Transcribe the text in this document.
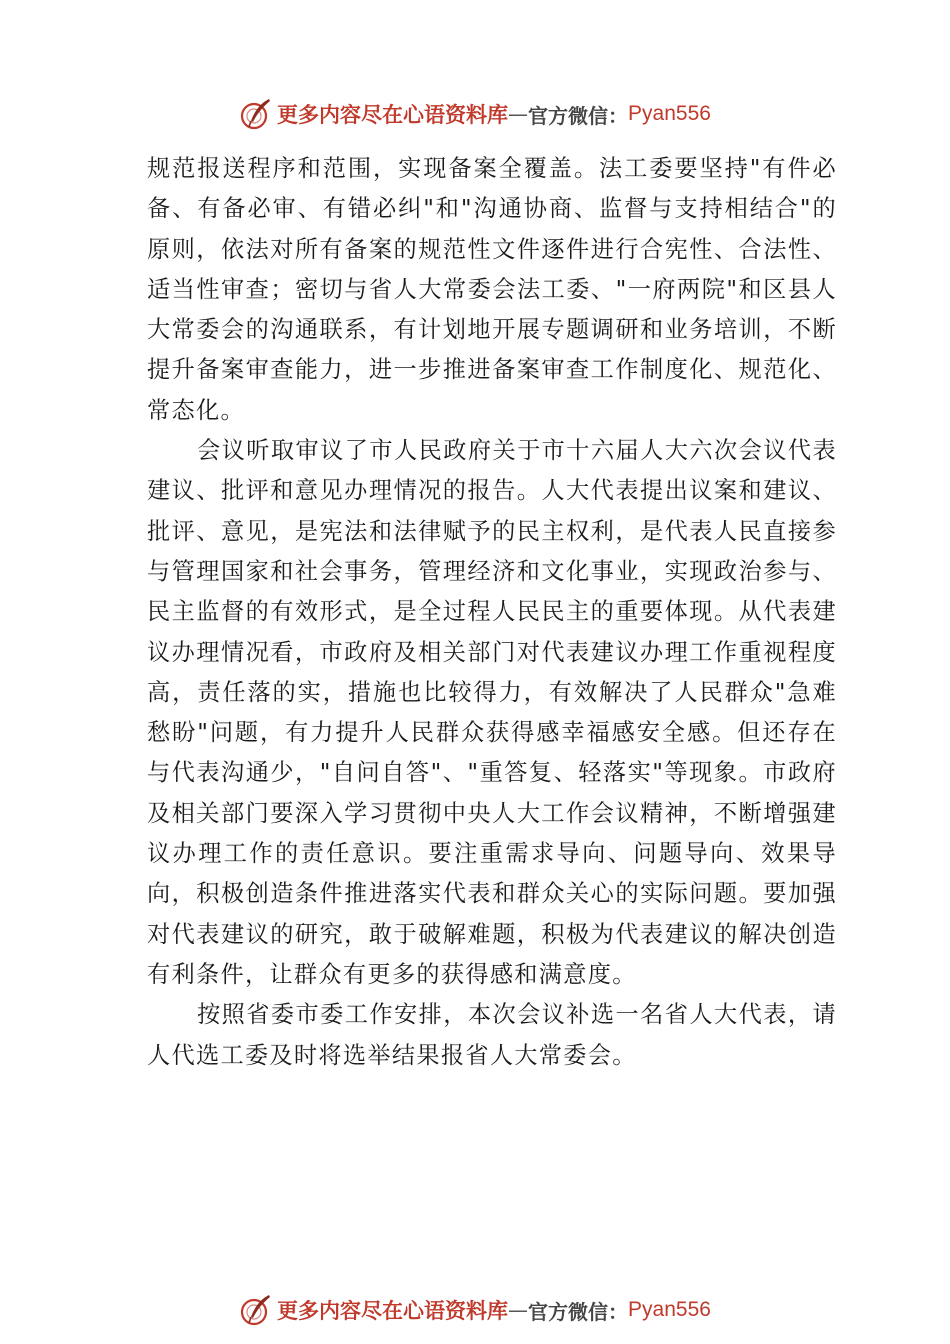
更多内容尽在心语资料库 — 官方微信： Pyan556

规范报送程序和范围，实现备案全覆盖。法工委要坚持"有件必备、有备必审、有错必纠"和"沟通协商、监督与支持相结合"的原则，依法对所有备案的规范性文件逐件进行合宪性、合法性、适当性审查；密切与省人大常委会法工委、"一府两院"和区县人大常委会的沟通联系，有计划地开展专题调研和业务培训，不断提升备案审查能力，进一步推进备案审查工作制度化、规范化、常态化。

会议听取审议了市人民政府关于市十六届人大六次会议代表建议、批评和意见办理情况的报告。人大代表提出议案和建议、批评、意见，是宪法和法律赋予的民主权利，是代表人民直接参与管理国家和社会事务，管理经济和文化事业，实现政治参与、民主监督的有效形式，是全过程人民民主的重要体现。从代表建议办理情况看，市政府及相关部门对代表建议办理工作重视程度高，责任落的实，措施也比较得力，有效解决了人民群众"急难愁盼"问题，有力提升人民群众获得感幸福感安全感。但还存在与代表沟通少，"自问自答"、"重答复、轻落实"等现象。市政府及相关部门要深入学习贯彻中央人大工作会议精神，不断增强建议办理工作的责任意识。要注重需求导向、问题导向、效果导向，积极创造条件推进落实代表和群众关心的实际问题。要加强对代表建议的研究，敢于破解难题，积极为代表建议的解决创造有利条件，让群众有更多的获得感和满意度。

按照省委市委工作安排，本次会议补选一名省人大代表，请人代选工委及时将选举结果报省人大常委会。

更多内容尽在心语资料库 — 官方微信： Pyan556
